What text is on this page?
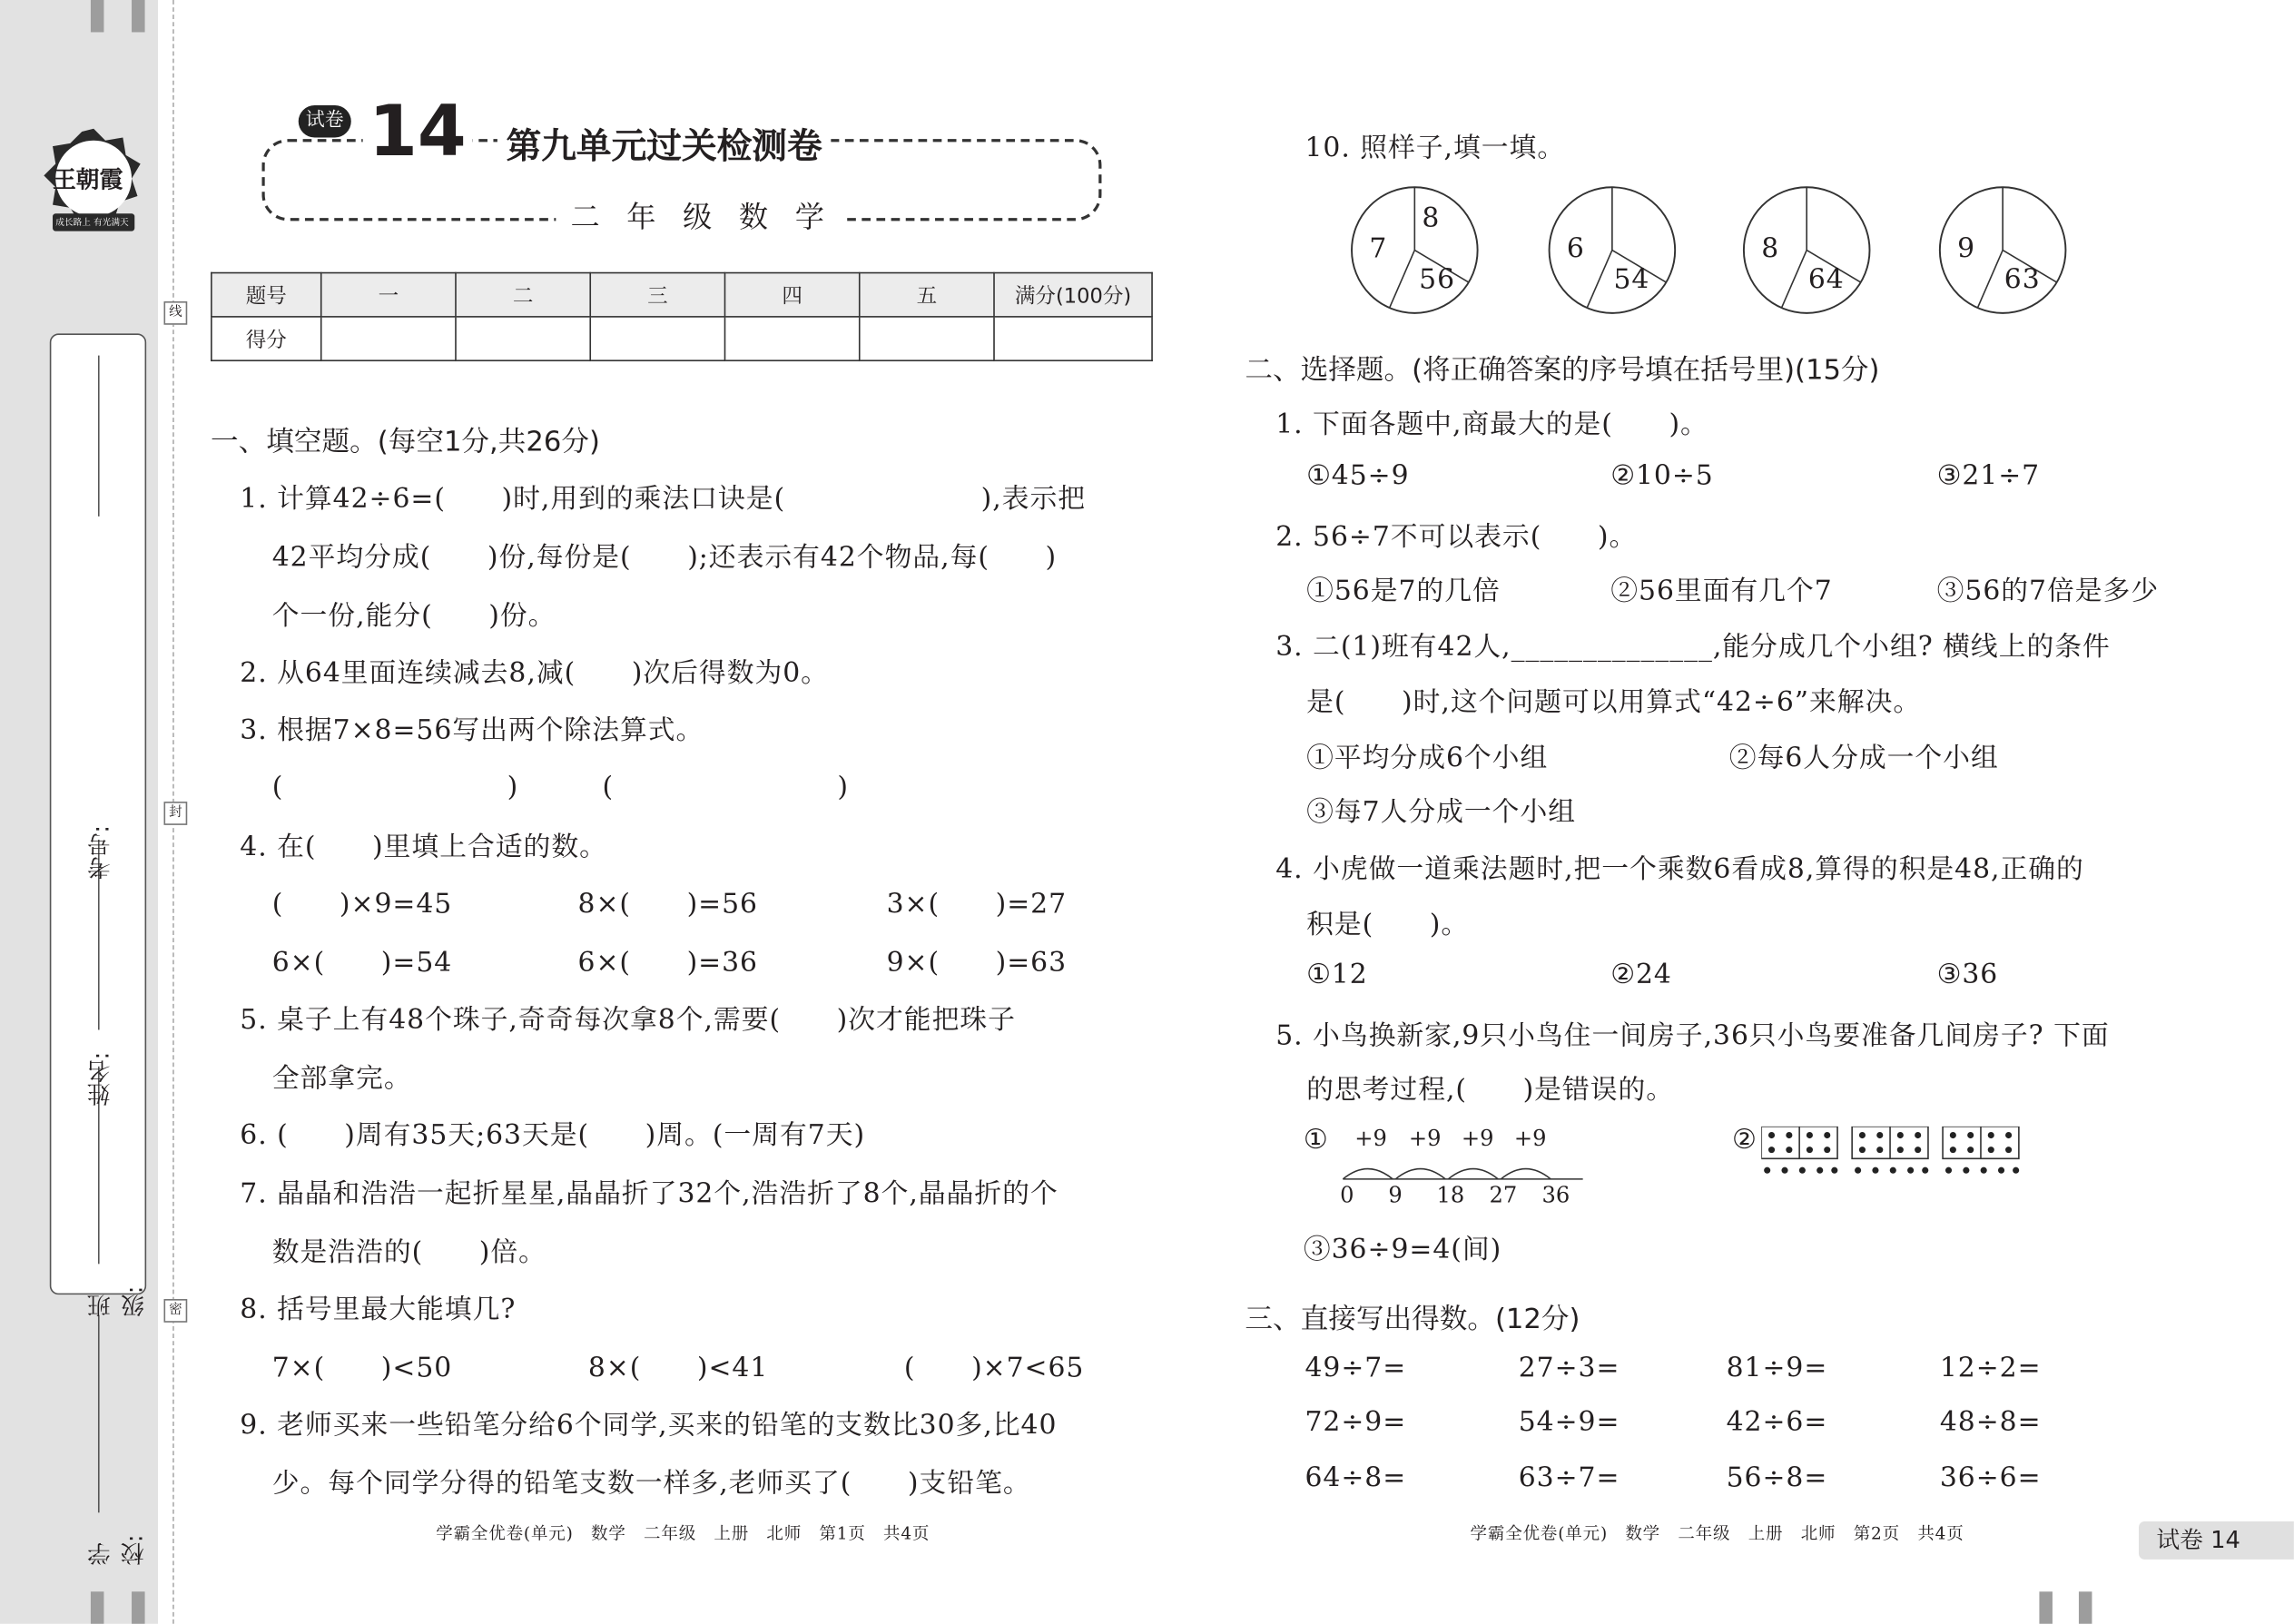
学校:
班级:
姓名:
考号:
线
封
密
王朝霞
成长路上 有光满天
试卷 14	第九单元过关检测卷
二 年 级 数 学
题号	一	二	三	四	五	满分(100分)
得分						
一、填空题。(每空1分,共26分)
1. 计算42÷6=(　　)时,用到的乘法口诀是(　　　　　　　),表示把
42平均分成(　　)份,每份是(　　);还表示有42个物品,每(　　)
个一份,能分(　　)份。
2. 从64里面连续减去8,减(　　)次后得数为0。
3. 根据7×8=56写出两个除法算式。
(　　　　　　　　)　　　(　　　　　　　　)
4. 在(　　)里填上合适的数。
(　　)×9=45	8×(　　)=56	3×(　　)=27
6×(　　)=54	6×(　　)=36	9×(　　)=63
5. 桌子上有48个珠子,奇奇每次拿8个,需要(　　)次才能把珠子
全部拿完。
6. (　　)周有35天;63天是(　　)周。(一周有7天)
7. 晶晶和浩浩一起折星星,晶晶折了32个,浩浩折了8个,晶晶折的个
数是浩浩的(　　)倍。
8. 括号里最大能填几?
7×(　　)<50	8×(　　)<41	(　　)×7<65
9. 老师买来一些铅笔分给6个同学,买来的铅笔的支数比30多,比40
少。每个同学分得的铅笔支数一样多,老师买了(　　)支铅笔。
学霸全优卷(单元)　数学　二年级　上册　北师　第1页　共4页
10. 照样子,填一填。
7
8
56
6
54
8
64
9
63
二、选择题。(将正确答案的序号填在括号里)(15分)
1. 下面各题中,商最大的是(　　)。
①45÷9	②10÷5	③21÷7
2. 56÷7不可以表示(　　)。
①56是7的几倍	②56里面有几个7	③56的7倍是多少
3. 二(1)班有42人,______________,能分成几个小组? 横线上的条件
是(　　)时,这个问题可以用算式“42÷6”来解决。
①平均分成6个小组	②每6人分成一个小组
③每7人分成一个小组
4. 小虎做一道乘法题时,把一个乘数6看成8,算得的积是48,正确的
积是(　　)。
①12	②24	③36
5. 小鸟换新家,9只小鸟住一间房子,36只小鸟要准备几间房子? 下面
的思考过程,(　　)是错误的。
① +9 +9 +9 +9
0	9	18 27 36
②
③36÷9=4(间)
三、直接写出得数。(12分)
49÷7=	27÷3=	81÷9=	12÷2=
72÷9=	54÷9=	42÷6=	48÷8=
64÷8=	63÷7=	56÷8=	36÷6=
学霸全优卷(单元)　数学　二年级　上册　北师　第2页　共4页	试卷 14
